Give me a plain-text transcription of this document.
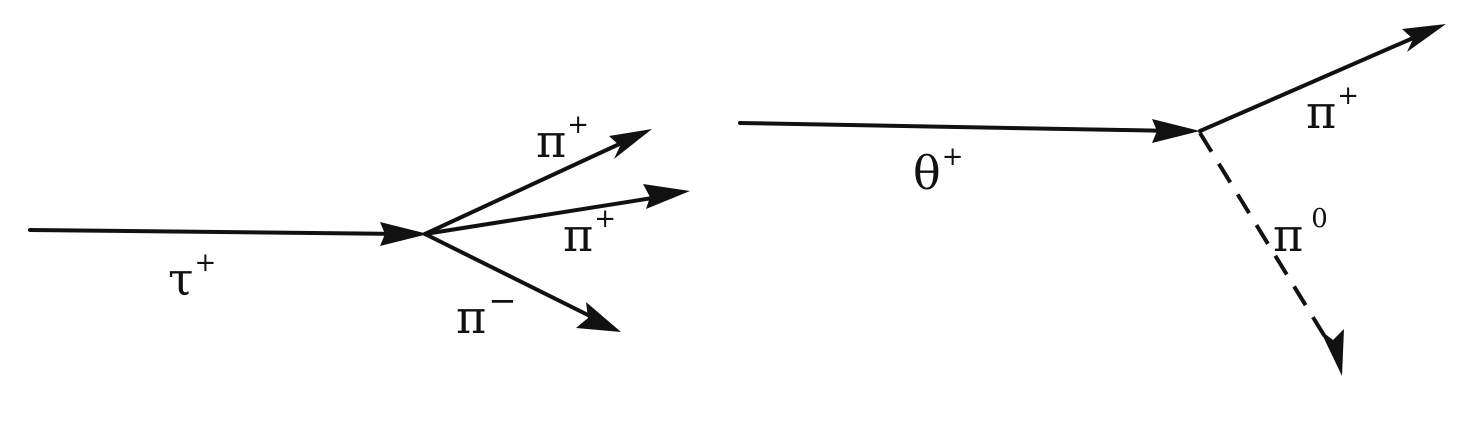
τ+
π+
π+
π−
θ+
π+
π 0
